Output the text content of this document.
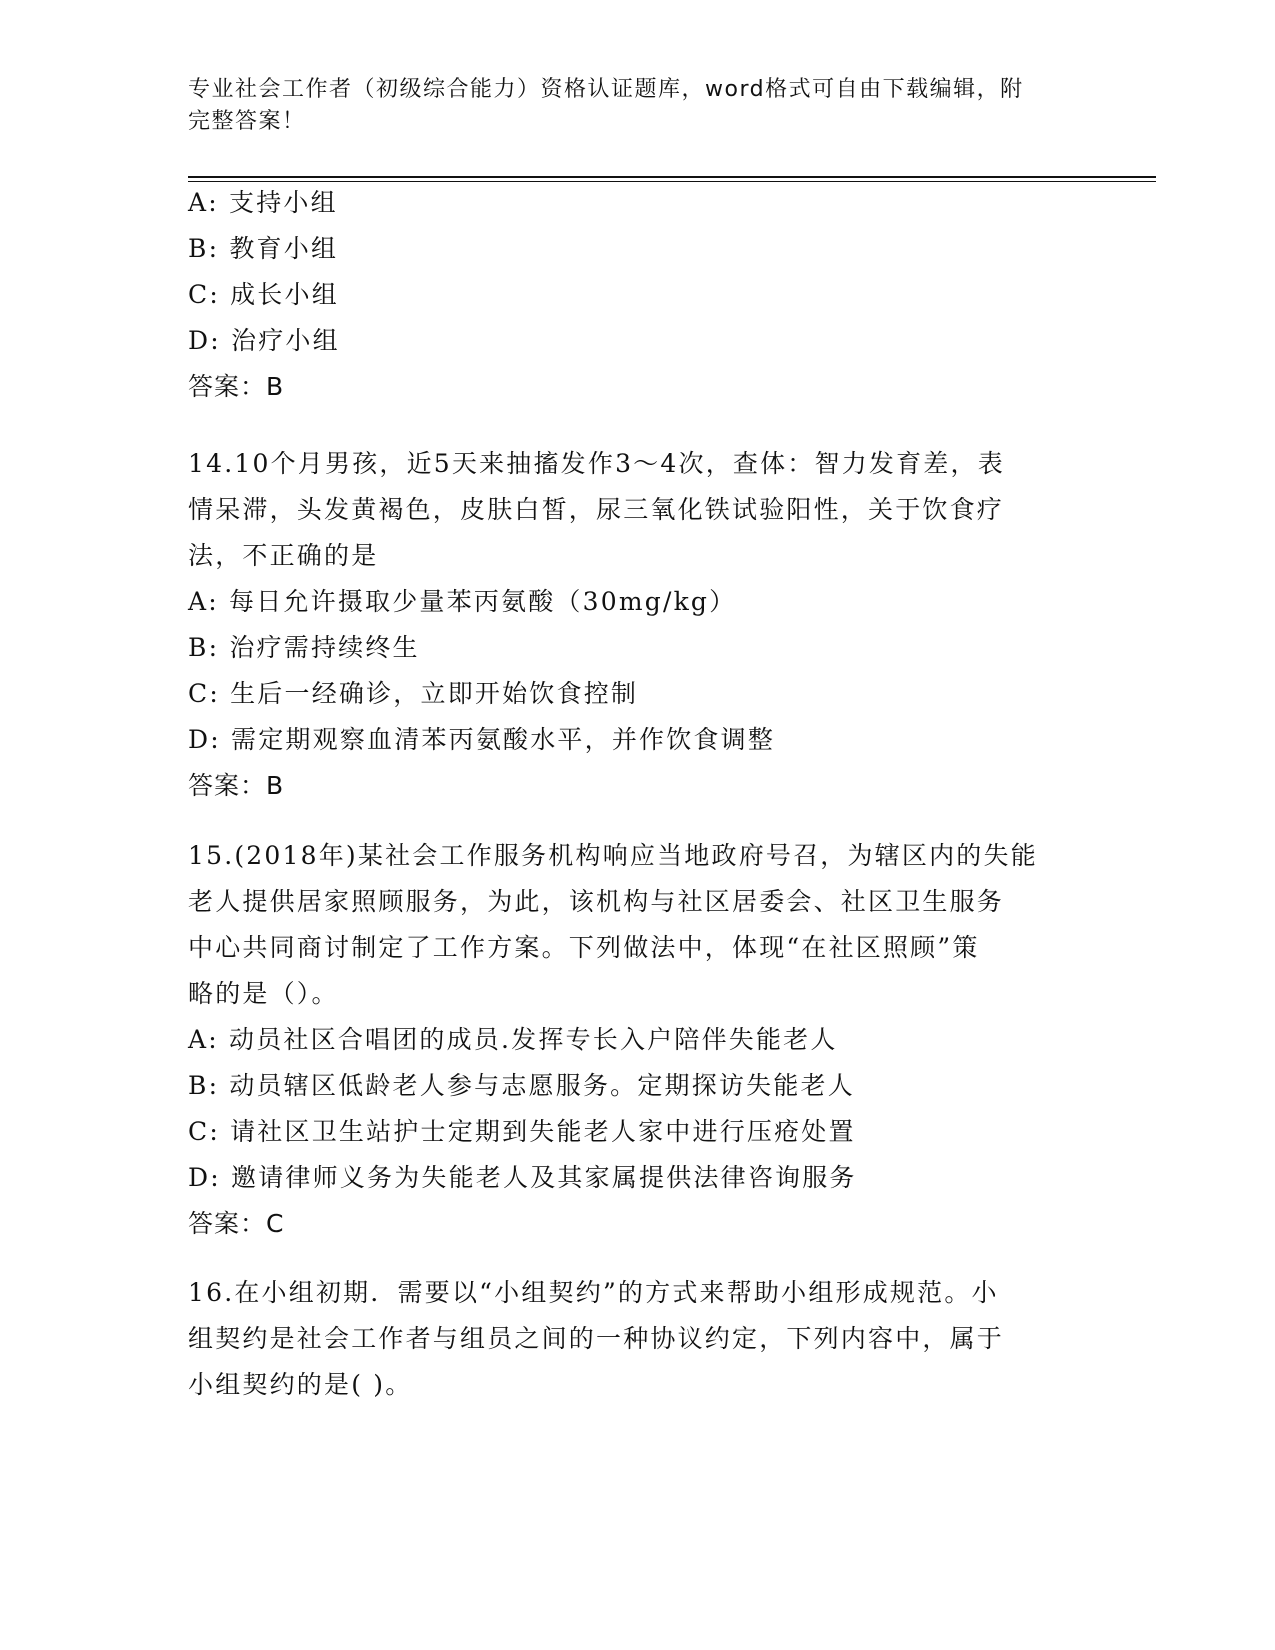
专业社会工作者（初级综合能力）资格认证题库，word格式可自由下载编辑，附
完整答案！
A: 支持小组
B: 教育小组
C: 成长小组
D: 治疗小组
答案：B
14.10个月男孩，近5天来抽搐发作3～4次，查体：智力发育差，表
情呆滞，头发黄褐色，皮肤白皙，尿三氧化铁试验阳性，关于饮食疗
法，不正确的是
A: 每日允许摄取少量苯丙氨酸（30mg/kg）
B: 治疗需持续终生
C: 生后一经确诊，立即开始饮食控制
D: 需定期观察血清苯丙氨酸水平，并作饮食调整
答案：B
15.(2018年)某社会工作服务机构响应当地政府号召，为辖区内的失能
老人提供居家照顾服务，为此，该机构与社区居委会、社区卫生服务
中心共同商讨制定了工作方案。下列做法中，体现“在社区照顾”策
略的是（）。
A: 动员社区合唱团的成员.发挥专长入户陪伴失能老人
B: 动员辖区低龄老人参与志愿服务。定期探访失能老人
C: 请社区卫生站护士定期到失能老人家中进行压疮处置
D: 邀请律师义务为失能老人及其家属提供法律咨询服务
答案：C
16.在小组初期．需要以“小组契约”的方式来帮助小组形成规范。小
组契约是社会工作者与组员之间的一种协议约定，下列内容中，属于
小组契约的是( )。
